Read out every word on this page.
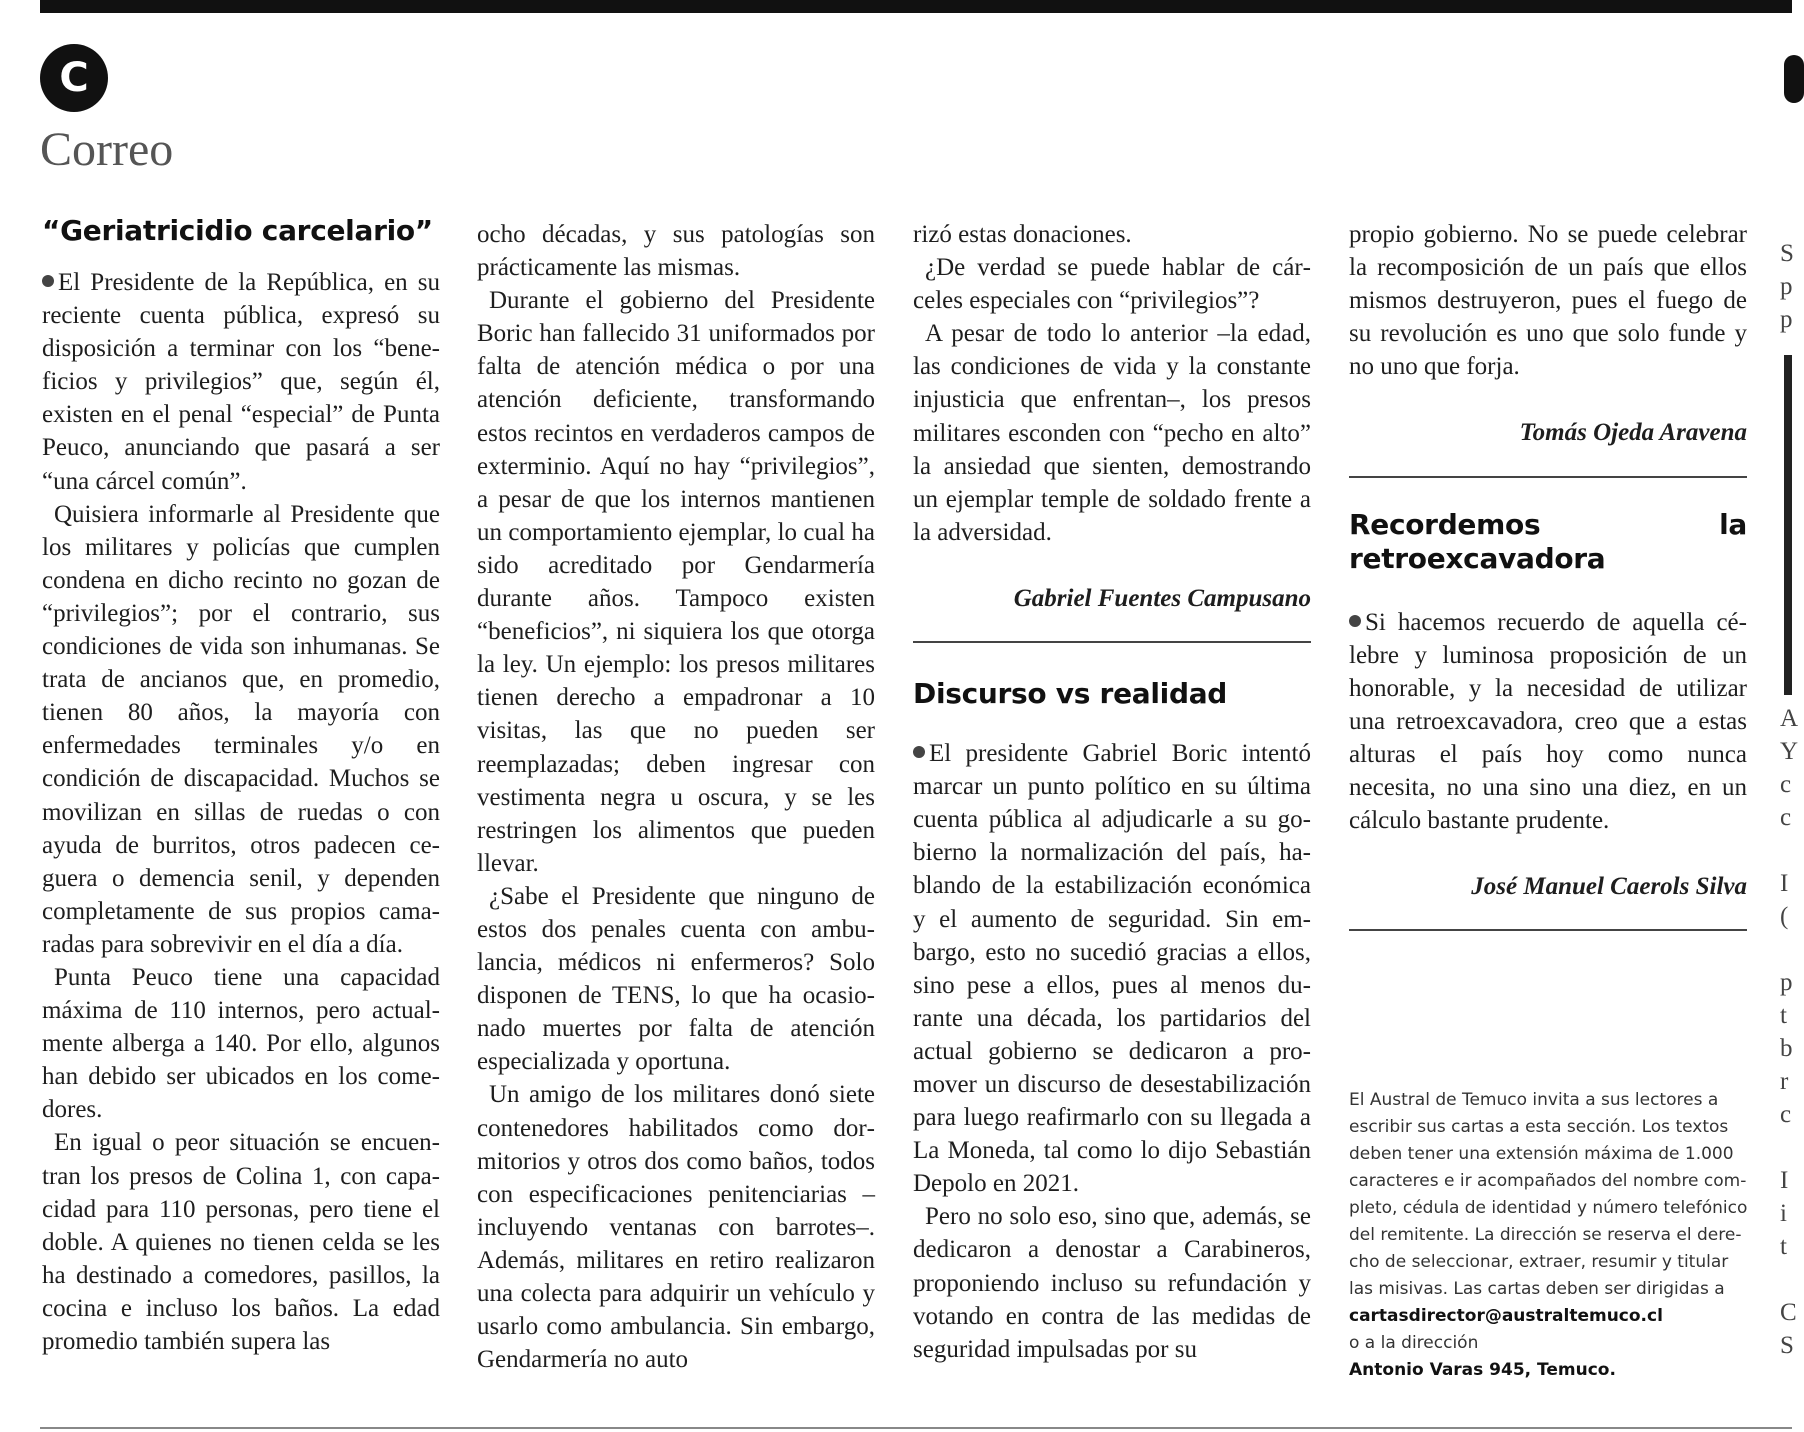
C
Correo
“Geriatricidio carcelario”

El Presidente de la República, en su reciente cuenta pública, expresó su disposición a terminar con los “beneficios y privilegios” que, según él, existen en el penal “especial” de Punta Peuco, anunciando que pasará a ser “una cárcel común”.

Quisiera informarle al Presidente que los militares y policías que cumplen condena en dicho recinto no gozan de “privilegios”; por el contrario, sus condiciones de vida son inhumanas. Se trata de ancianos que, en promedio, tienen 80 años, la mayoría con enfermedades terminales y/o en condición de discapacidad. Muchos se movilizan en sillas de ruedas o con ayuda de burritos, otros padecen ceguera o demencia senil, y dependen completamente de sus propios camaradas para sobrevivir en el día a día.

Punta Peuco tiene una capacidad máxima de 110 internos, pero actualmente alberga a 140. Por ello, algunos han debido ser ubicados en los comedores.

En igual o peor situación se encuentran los presos de Colina 1, con capacidad para 110 personas, pero tiene el doble. A quienes no tienen celda se les ha destinado a comedores, pasillos, la cocina e incluso los baños. La edad promedio también supera las

ocho décadas, y sus patologías son prácticamente las mismas.

Durante el gobierno del Presidente Boric han fallecido 31 uniformados por falta de atención médica o por una atención deficiente, transformando estos recintos en verdaderos campos de exterminio. Aquí no hay “privilegios”, a pesar de que los internos mantienen un comportamiento ejemplar, lo cual ha sido acreditado por Gendarmería durante años. Tampoco existen “beneficios”, ni siquiera los que otorga la ley. Un ejemplo: los presos militares tienen derecho a empadronar a 10 visitas, las que no pueden ser reemplazadas; deben ingresar con vestimenta negra u oscura, y se les restringen los alimentos que pueden llevar.

¿Sabe el Presidente que ninguno de estos dos penales cuenta con ambulancia, médicos ni enfermeros? Solo disponen de TENS, lo que ha ocasionado muertes por falta de atención especializada y oportuna.

Un amigo de los militares donó siete contenedores habilitados como dormitorios y otros dos como baños, todos con especificaciones penitenciarias –incluyendo ventanas con barrotes–. Además, militares en retiro realizaron una colecta para adquirir un vehículo y usarlo como ambulancia. Sin embargo, Gendarmería no auto

rizó estas donaciones.

¿De verdad se puede hablar de cárceles especiales con “privilegios”?

A pesar de todo lo anterior –la edad, las condiciones de vida y la constante injusticia que enfrentan–, los presos militares esconden con “pecho en alto” la ansiedad que sienten, demostrando un ejemplar temple de soldado frente a la adversidad.

Gabriel Fuentes Campusano

Discurso vs realidad

El presidente Gabriel Boric intentó marcar un punto político en su última cuenta pública al adjudicarle a su gobierno la normalización del país, hablando de la estabilización económica y el aumento de seguridad. Sin embargo, esto no sucedió gracias a ellos, sino pese a ellos, pues al menos durante una década, los partidarios del actual gobierno se dedicaron a promover un discurso de desestabilización para luego reafirmarlo con su llegada a La Moneda, tal como lo dijo Sebastián Depolo en 2021.

Pero no solo eso, sino que, además, se dedicaron a denostar a Carabineros, proponiendo incluso su refundación y votando en contra de las medidas de seguridad impulsadas por su

propio gobierno. No se puede celebrar la recomposición de un país que ellos mismos destruyeron, pues el fuego de su revolución es uno que solo funde y no uno que forja.

Tomás Ojeda Aravena

Recordemos la retroexcavadora

Si hacemos recuerdo de aquella célebre y luminosa proposición de un honorable, y la necesidad de utilizar una retroexcavadora, creo que a estas alturas el país hoy como nunca necesita, no una sino una diez, en un cálculo bastante prudente.

José Manuel Caerols Silva

El Austral de Temuco invita a sus lectores a escribir sus cartas a esta sección. Los textos deben tener una extensión máxima de 1.000 caracteres e ir acompañados del nombre completo, cédula de identidad y número telefónico del remitente. La dirección se reserva el derecho de seleccionar, extraer, resumir y titular las misivas. Las cartas deben ser dirigidas a
cartasdirector@australtemuco.cl
o a la dirección
Antonio Varas 945, Temuco.
S
p
p
A
Y
c
c
I
(
p
t
b
r
c
I
i
t
C
S
